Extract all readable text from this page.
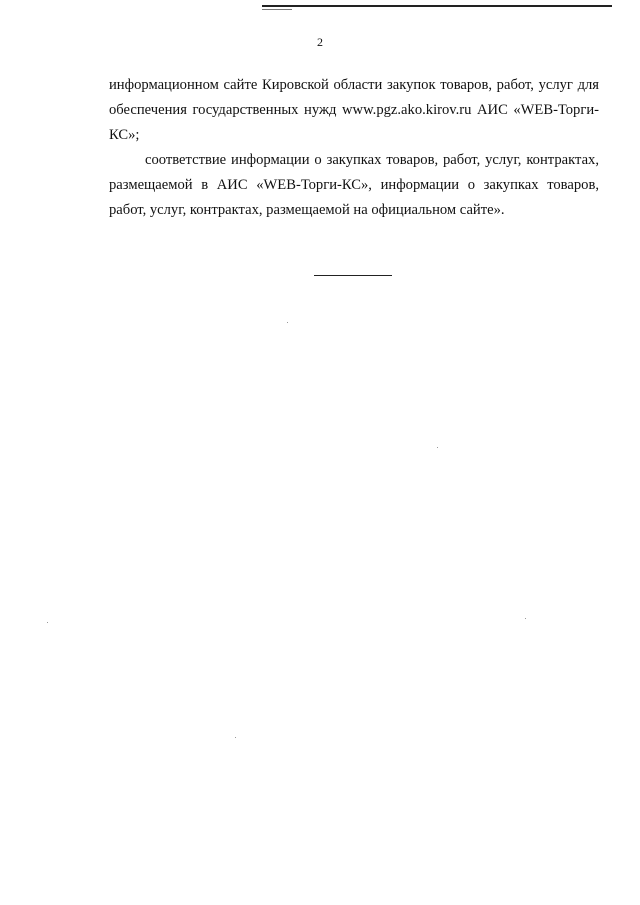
2

информационном сайте Кировской области закупок товаров, работ, услуг для обеспечения государственных нужд www.pgz.ako.kirov.ru АИС «WEB-Торги-КС»;

соответствие информации о закупках товаров, работ, услуг, контрактах, размещаемой в АИС «WEB-Торги-КС», информации о закупках товаров, работ, услуг, контрактах, размещаемой на официальном сайте».
